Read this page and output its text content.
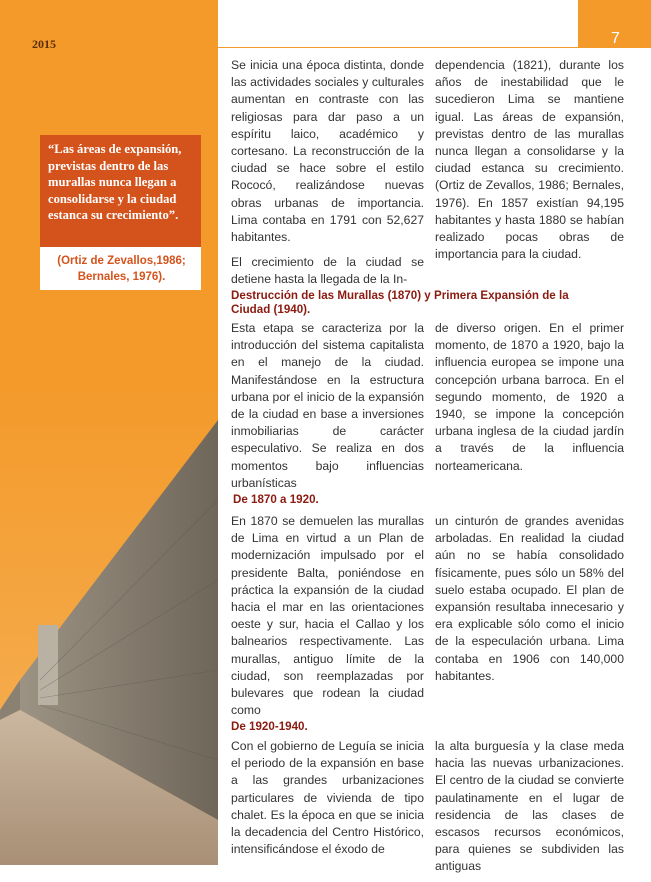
2015	7
“Las áreas de expansión, previstas dentro de las murallas nunca llegan a consolidarse y la ciudad estanca su crecimiento”.
(Ortiz de Zevallos,1986; Bernales, 1976).

Se inicia una época distinta, donde las actividades sociales y culturales aumentan en contraste con las religiosas para dar paso a un espíritu laico, académico y cortesano. La reconstrucción de la ciudad se hace sobre el estilo Rococó, realizándose nuevas obras urbanas de importancia. Lima contaba en 1791 con 52,627 habitantes.

El crecimiento de la ciudad se detiene hasta la llegada de la In-

dependencia (1821), durante los años de inestabilidad que le sucedieron Lima se mantiene igual. Las áreas de expansión, previstas dentro de las murallas nunca llegan a consolidarse y la ciudad estanca su crecimiento. (Ortiz de Zevallos, 1986; Bernales, 1976). En 1857 existían 94,195 habitantes y hasta 1880 se habían realizado pocas obras de importancia para la ciudad.

Destrucción de las Murallas (1870) y Primera Expansión de la Ciudad (1940).

Esta etapa se caracteriza por la introducción del sistema capitalista en el manejo de la ciudad. Manifestándose en la estructura urbana por el inicio de la expansión de la ciudad en base a inversiones inmobiliarias de carácter especulativo. Se realiza en dos momentos bajo influencias urbanísticas

de diverso origen. En el primer momento, de 1870 a 1920, bajo la influencia europea se impone una concepción urbana barroca. En el segundo momento, de 1920 a 1940, se impone la concepción urbana inglesa de la ciudad jardín a través de la influencia norteamericana.

De 1870 a 1920.

En 1870 se demuelen las murallas de Lima en virtud a un Plan de modernización impulsado por el presidente Balta, poniéndose en práctica la expansión de la ciudad hacia el mar en las orientaciones oeste y sur, hacia el Callao y los balnearios respectivamente. Las murallas, antiguo límite de la ciudad, son reemplazadas por bulevares que rodean la ciudad como

un cinturón de grandes avenidas arboladas. En realidad la ciudad aún no se había consolidado físicamente, pues sólo un 58% del suelo estaba ocupado. El plan de expansión resultaba innecesario y era explicable sólo como el inicio de la especulación urbana. Lima contaba en 1906 con 140,000 habitantes.

De 1920-1940.

Con el gobierno de Leguía se inicia el periodo de la expansión en base a las grandes urbanizaciones particulares de vivienda de tipo chalet. Es la época en que se inicia la decadencia del Centro Histórico, intensificándose el éxodo de

la alta burguesía y la clase meda hacia las nuevas urbanizaciones. El centro de la ciudad se convierte paulatinamente en el lugar de residencia de las clases de escasos recursos económicos, para quienes se subdividen las antiguas
